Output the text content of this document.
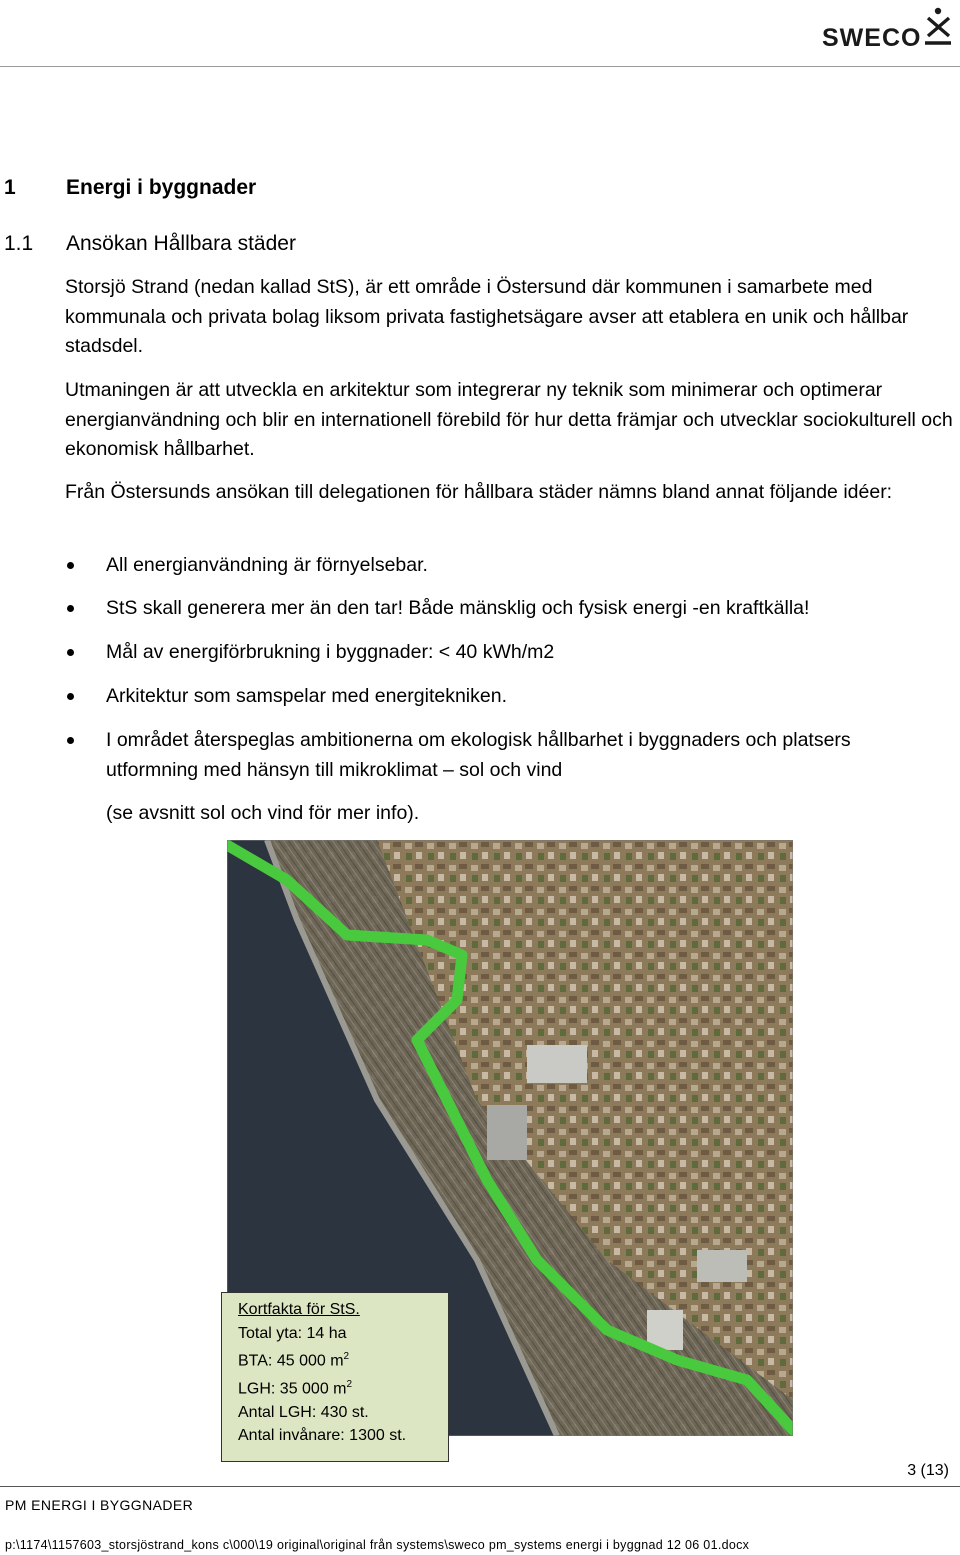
SWECO
1 Energi i byggnader
1.1 Ansökan Hållbara städer

Storsjö Strand (nedan kallad StS), är ett område i Östersund där kommunen i samarbete med kommunala och privata bolag liksom privata fastighetsägare avser att etablera en unik och hållbar stadsdel.

Utmaningen är att utveckla en arkitektur som integrerar ny teknik som minimerar och optimerar energianvändning och blir en internationell förebild för hur detta främjar och utvecklar sociokulturell och ekonomisk hållbarhet.

Från Östersunds ansökan till delegationen för hållbara städer nämns bland annat följande idéer:

All energianvändning är förnyelsebar.
StS skall generera mer än den tar! Både mänsklig och fysisk energi -en kraftkälla!
Mål av energiförbrukning i byggnader: < 40 kWh/m2
Arkitektur som samspelar med energitekniken.
I området återspeglas ambitionerna om ekologisk hållbarhet i byggnaders och platsers utformning med hänsyn till mikroklimat – sol och vind
(se avsnitt sol och vind för mer info).
Kortfakta för StS.
Total yta: 14 ha
BTA: 45 000 $m^2$
LGH: 35 000 $m^2$
Antal LGH: 430 st.
Antal invånare: 1300 st.
3 (13)
PM ENERGI I BYGGNADER
p:\1174\1157603_storsjöstrand_kons c\000\19 original\original från systems\sweco pm_systems energi i byggnad 12 06 01.docx
